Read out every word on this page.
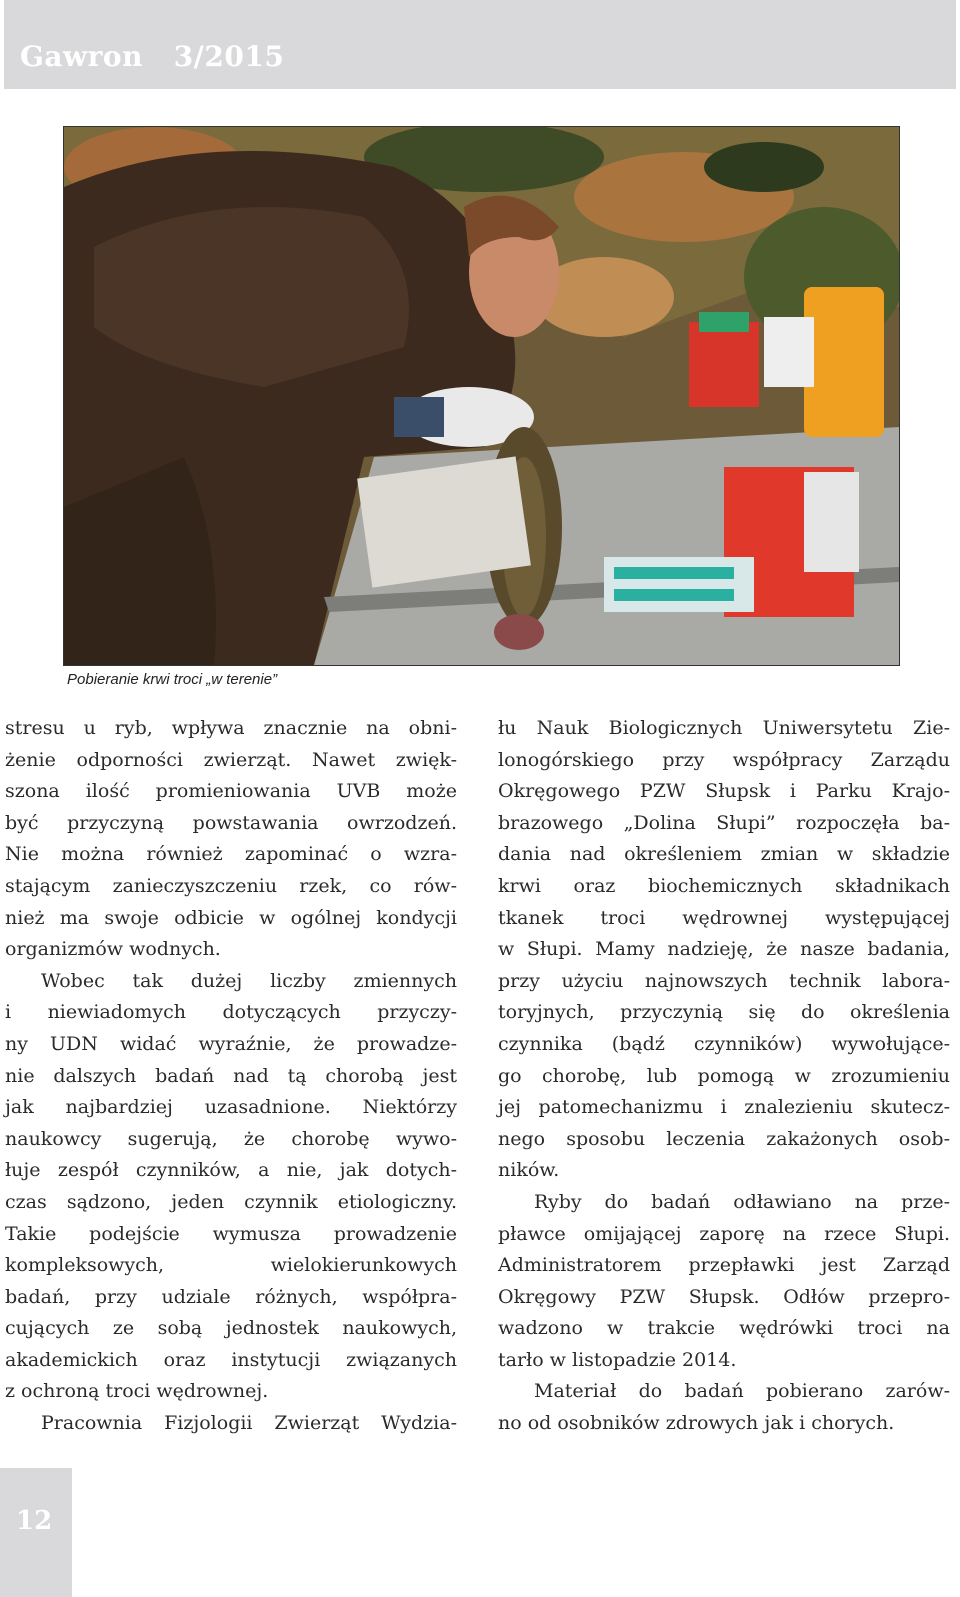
Gawron   3/2015
Pobieranie krwi troci „w terenie”
stresu u ryb, wpływa znacznie na obni-
żenie odporności zwierząt. Nawet zwięk-
szona ilość promieniowania UVB może
być przyczyną powstawania owrzodzeń.
Nie można również zapominać o wzra-
stającym zanieczyszczeniu rzek, co rów-
nież ma swoje odbicie w ogólnej kondycji
organizmów wodnych.
Wobec tak dużej liczby zmiennych
i niewiadomych dotyczących przyczy-
ny UDN widać wyraźnie, że prowadze-
nie dalszych badań nad tą chorobą jest
jak najbardziej uzasadnione. Niektórzy
naukowcy sugerują, że chorobę wywo-
łuje zespół czynników, a nie, jak dotych-
czas sądzono, jeden czynnik etiologiczny.
Takie podejście wymusza prowadzenie
kompleksowych, wielokierunkowych
badań, przy udziale różnych, współpra-
cujących ze sobą jednostek naukowych,
akademickich oraz instytucji związanych
z ochroną troci wędrownej.
Pracownia Fizjologii Zwierząt Wydzia-
łu Nauk Biologicznych Uniwersytetu Zie-
lonogórskiego przy współpracy Zarządu
Okręgowego PZW Słupsk i Parku Krajo-
brazowego „Dolina Słupi” rozpoczęła ba-
dania nad określeniem zmian w składzie
krwi oraz biochemicznych składnikach
tkanek troci wędrownej występującej
w Słupi. Mamy nadzieję, że nasze badania,
przy użyciu najnowszych technik labora-
toryjnych, przyczynią się do określenia
czynnika (bądź czynników) wywołujące-
go chorobę, lub pomogą w zrozumieniu
jej patomechanizmu i znalezieniu skutecz-
nego sposobu leczenia zakażonych osob-
ników.
Ryby do badań odławiano na prze-
pławce omijającej zaporę na rzece Słupi.
Administratorem przepławki jest Zarząd
Okręgowy PZW Słupsk. Odłów przepro-
wadzono w trakcie wędrówki troci na
tarło w listopadzie 2014.
Materiał do badań pobierano zarów-
no od osobników zdrowych jak i chorych.
12
